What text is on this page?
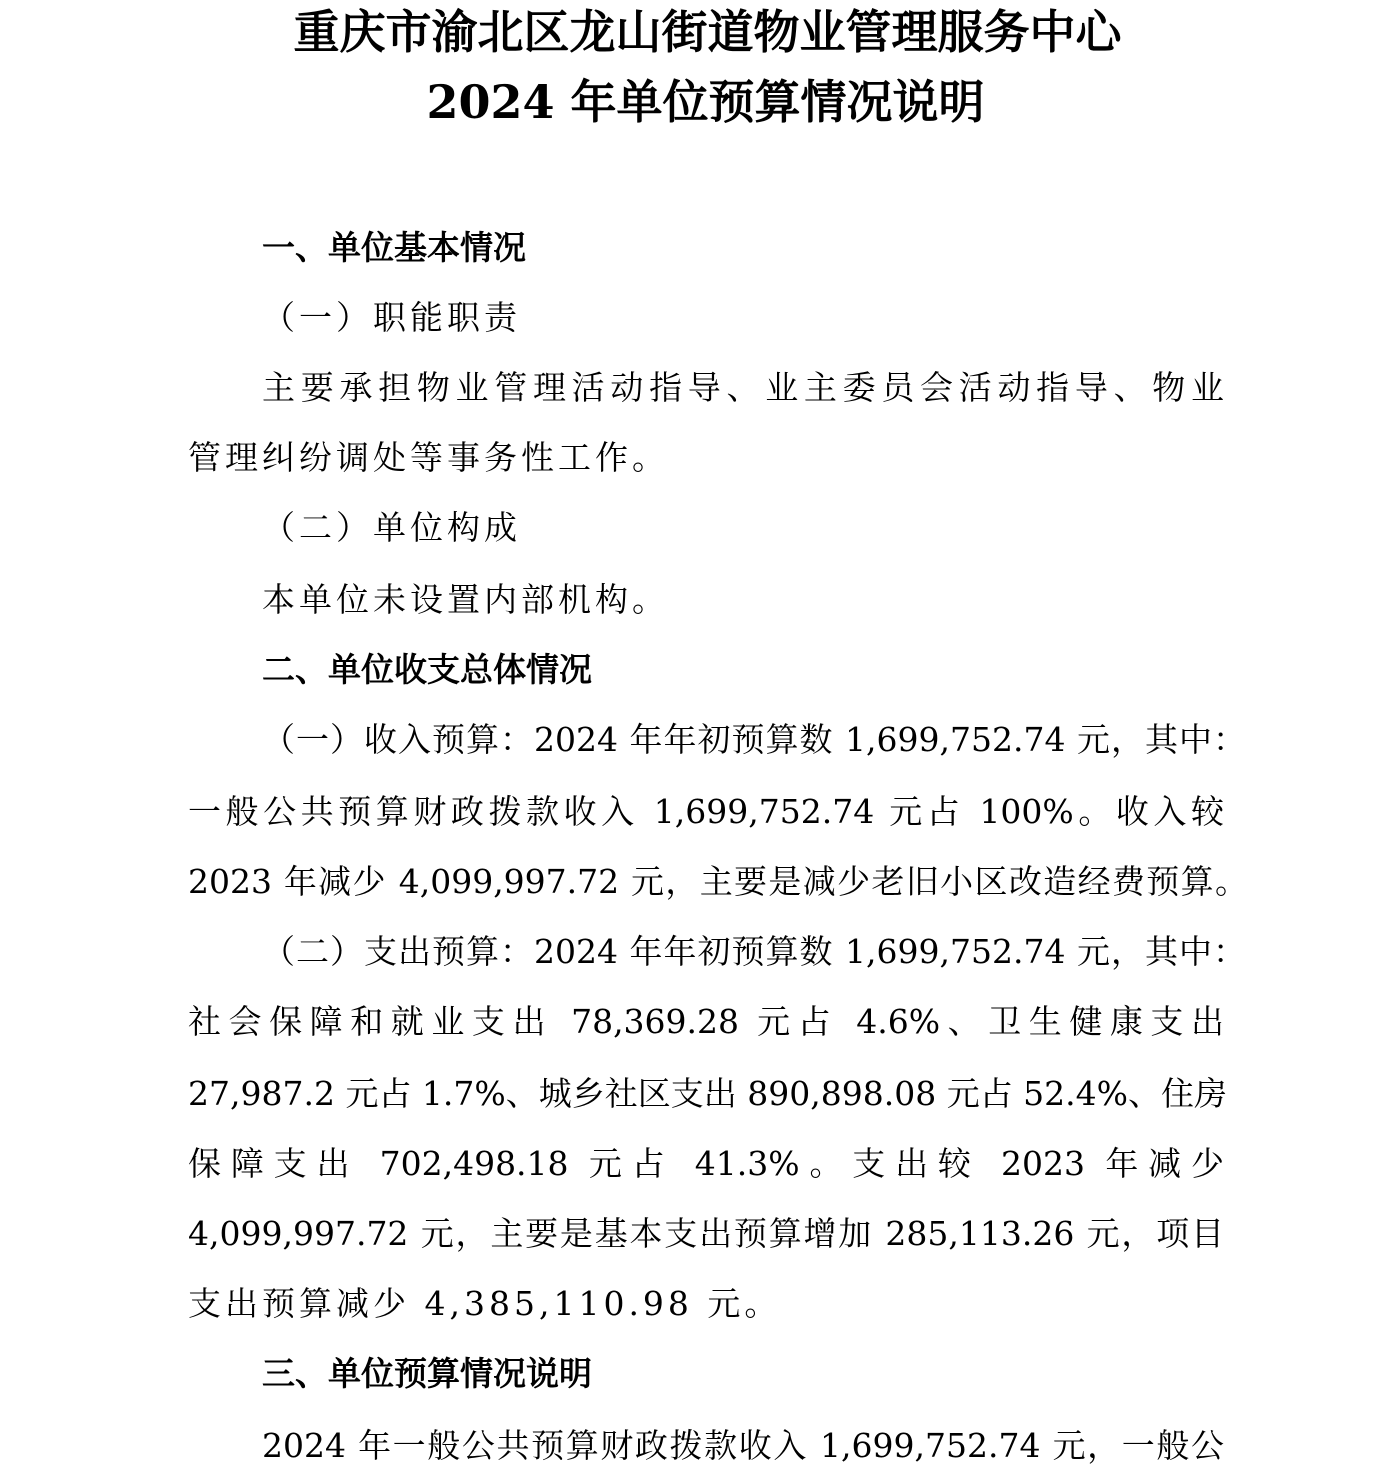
重庆市渝北区龙山街道物业管理服务中心
2024 年单位预算情况说明
一、单位基本情况
（一）职能职责
主要承担物业管理活动指导、业主委员会活动指导、物业
管理纠纷调处等事务性工作。
（二）单位构成
本单位未设置内部机构。
二、单位收支总体情况
（一）收入预算：2024 年年初预算数 1,699,752.74 元，其中：
一般公共预算财政拨款收入 1,699,752.74 元占 100%。收入较
2023 年减少 4,099,997.72 元，主要是减少老旧小区改造经费预算。
（二）支出预算：2024 年年初预算数 1,699,752.74 元，其中：
社会保障和就业支出 78,369.28 元占 4.6%、卫生健康支出
27,987.2 元占 1.7%、城乡社区支出 890,898.08 元占 52.4%、住房
保障支出 702,498.18 元占 41.3%。支出较 2023 年减少
4,099,997.72 元，主要是基本支出预算增加 285,113.26 元，项目
支出预算减少 4,385,110.98 元。
三、单位预算情况说明
2024 年一般公共预算财政拨款收入 1,699,752.74 元，一般公
